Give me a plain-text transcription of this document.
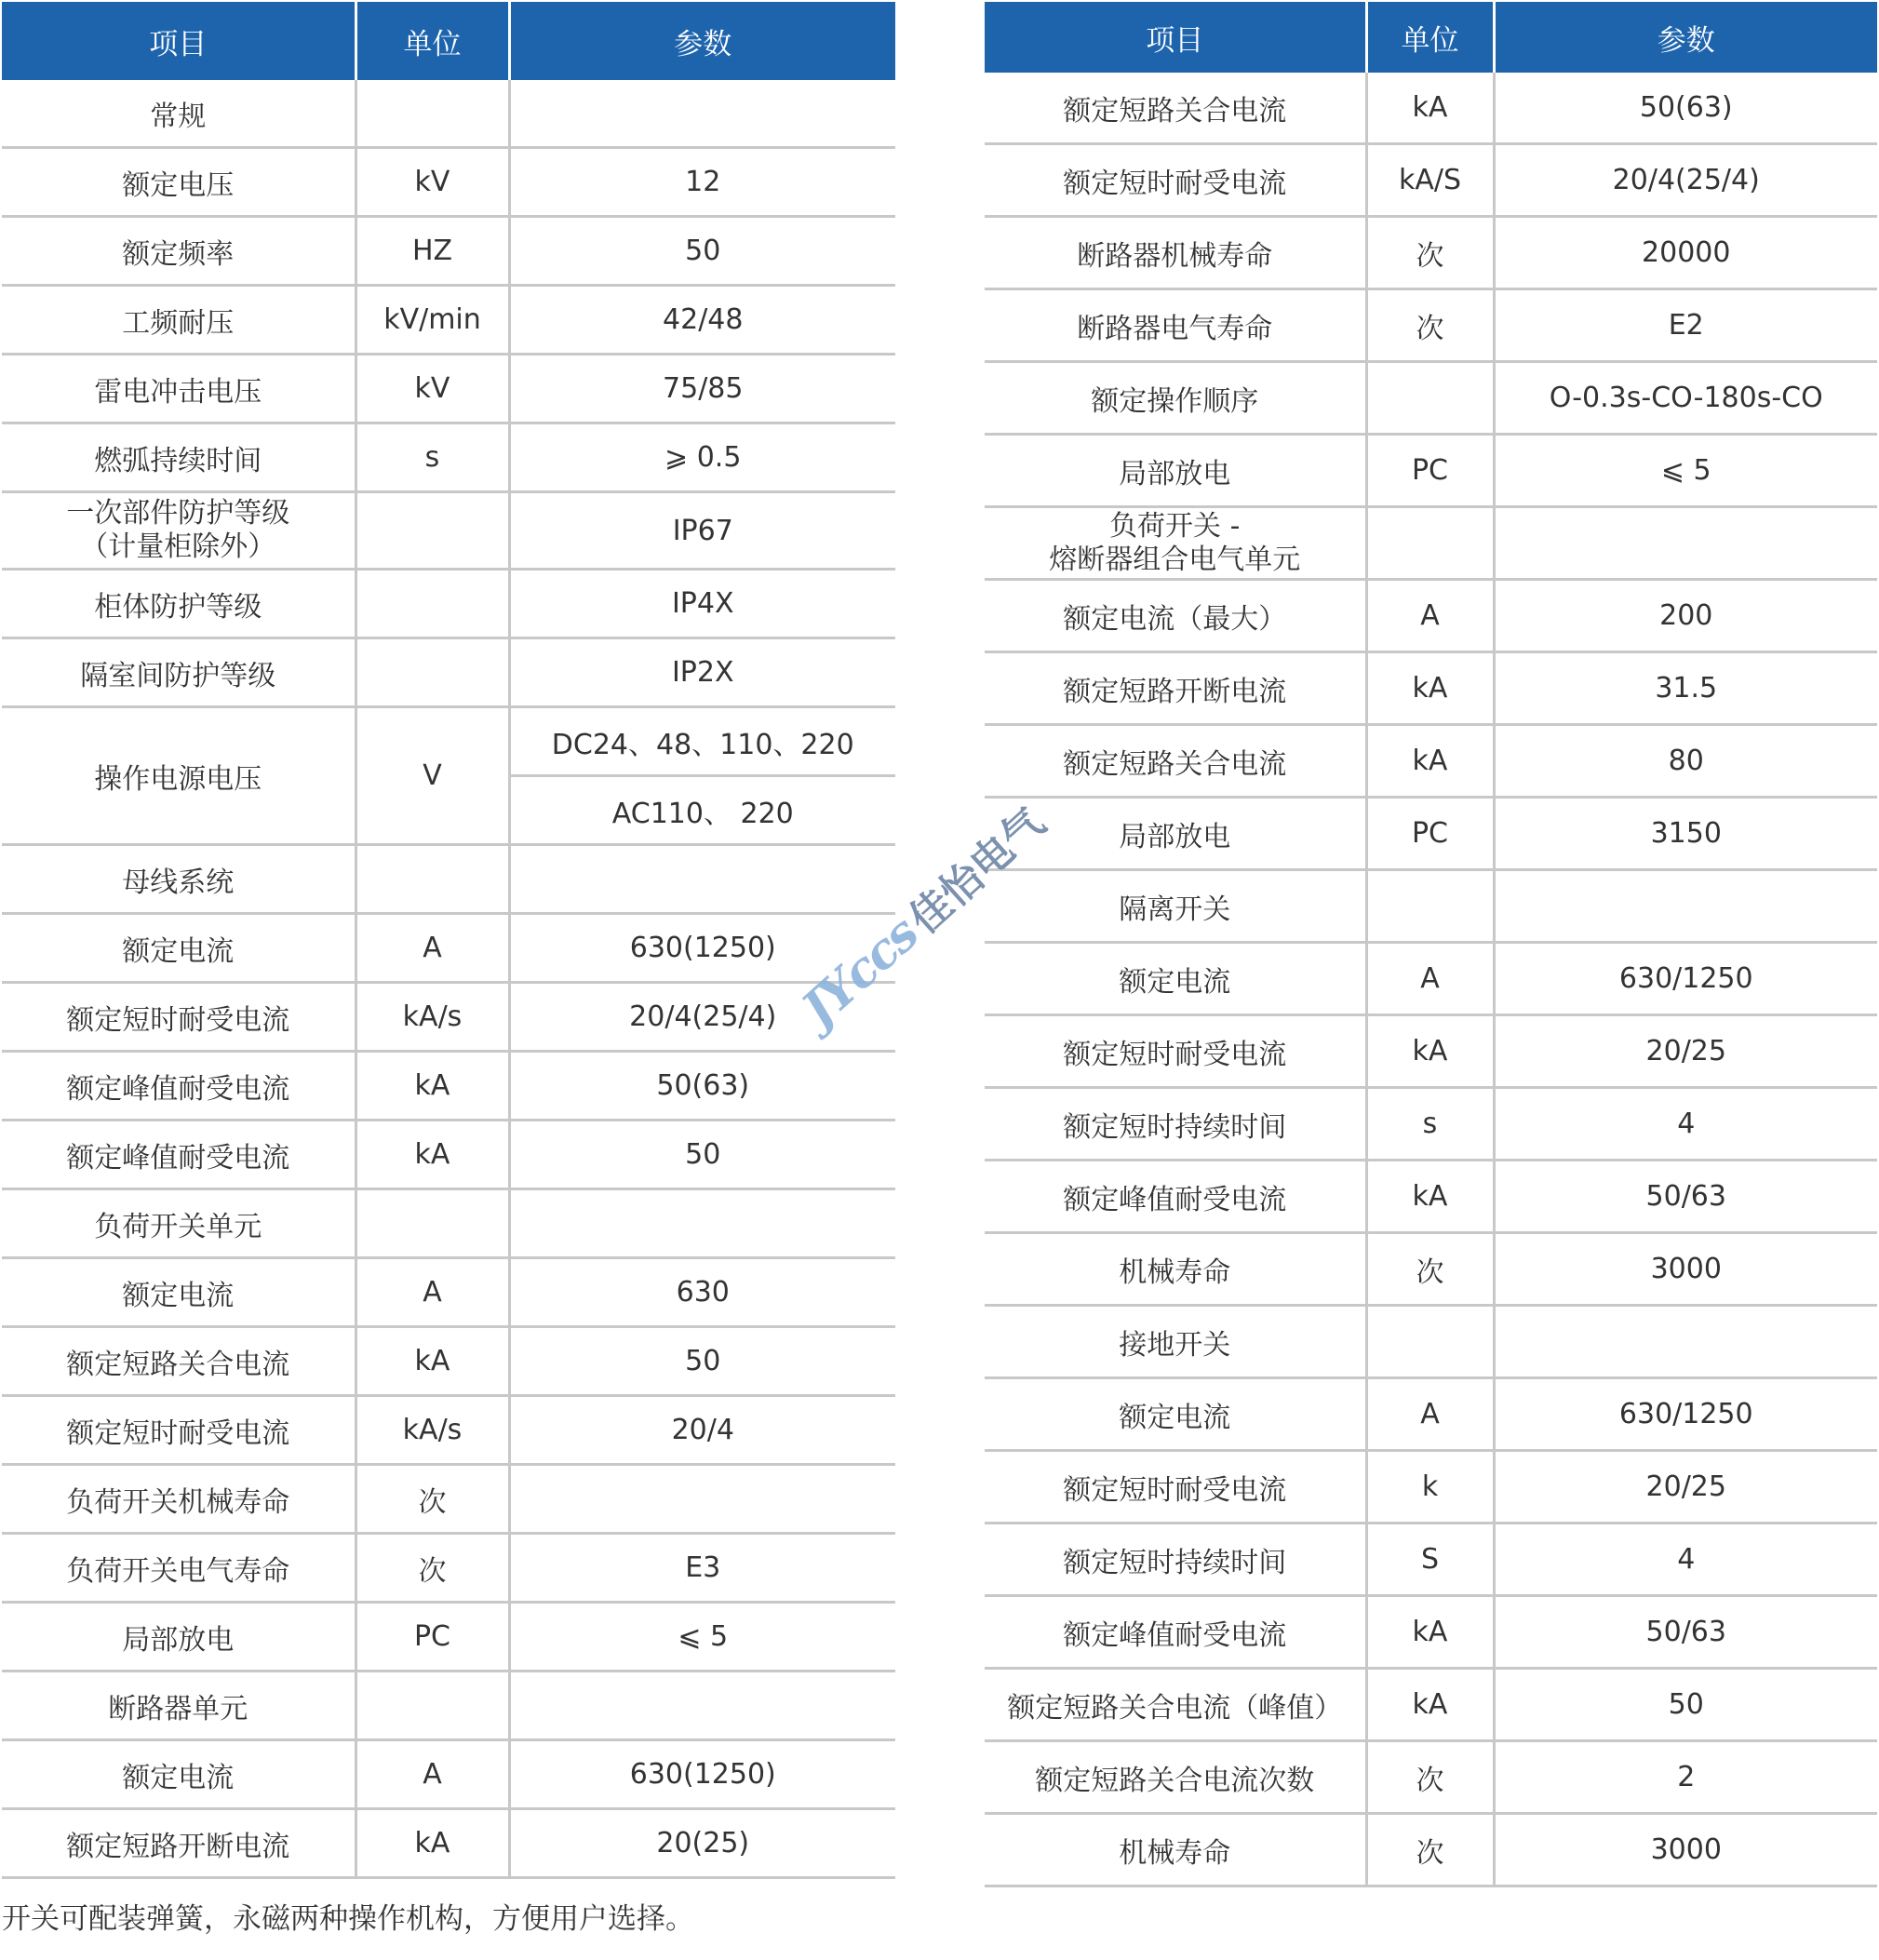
项目	单位	参数
常规		
额定电压	kV	12
额定频率	HZ	50
工频耐压	kV/min	42/48
雷电冲击电压	kV	75/85
燃弧持续时间	s	⩾ 0.5

一次部件防护等级
（计量柜除外）		IP67
柜体防护等级		IP4X
隔室间防护等级		IP2X
操作电源电压	V	DC24、48、110、220
		AC110、 220
母线系统		
额定电流	A	630(1250)
额定短时耐受电流	kA/s	20/4(25/4)
额定峰值耐受电流	kA	50(63)
额定峰值耐受电流	kA	50
负荷开关单元		
额定电流	A	630
额定短路关合电流	kA	50
额定短时耐受电流	kA/s	20/4
负荷开关机械寿命	次	
负荷开关电气寿命	次	E3
局部放电	PC	⩽ 5
断路器单元		
额定电流	A	630(1250)
额定短路开断电流	kA	20(25)
项目	单位	参数
额定短路关合电流	kA	50(63)
额定短时耐受电流	kA/S	20/4(25/4)
断路器机械寿命	次	20000
断路器电气寿命	次	E2
额定操作顺序		O-0.3s-CO-180s-CO
局部放电	PC	⩽ 5

负荷开关 -
熔断器组合电气单元		

额定电流（最大）	A	200
额定短路开断电流	kA	31.5
额定短路关合电流	kA	80
局部放电	PC	3150
隔离开关		
额定电流	A	630/1250
额定短时耐受电流	kA	20/25
额定短时持续时间	s	4
额定峰值耐受电流	kA	50/63
机械寿命	次	3000
接地开关		
额定电流	A	630/1250
额定短时耐受电流	k	20/25
额定短时持续时间	S	4
额定峰值耐受电流	kA	50/63
额定短路关合电流（峰值）	kA	50
额定短路关合电流次数	次	2
机械寿命	次	3000
JYccs
佳怡电气
开关可配装弹簧，永磁两种操作机构，方便用户选择。
